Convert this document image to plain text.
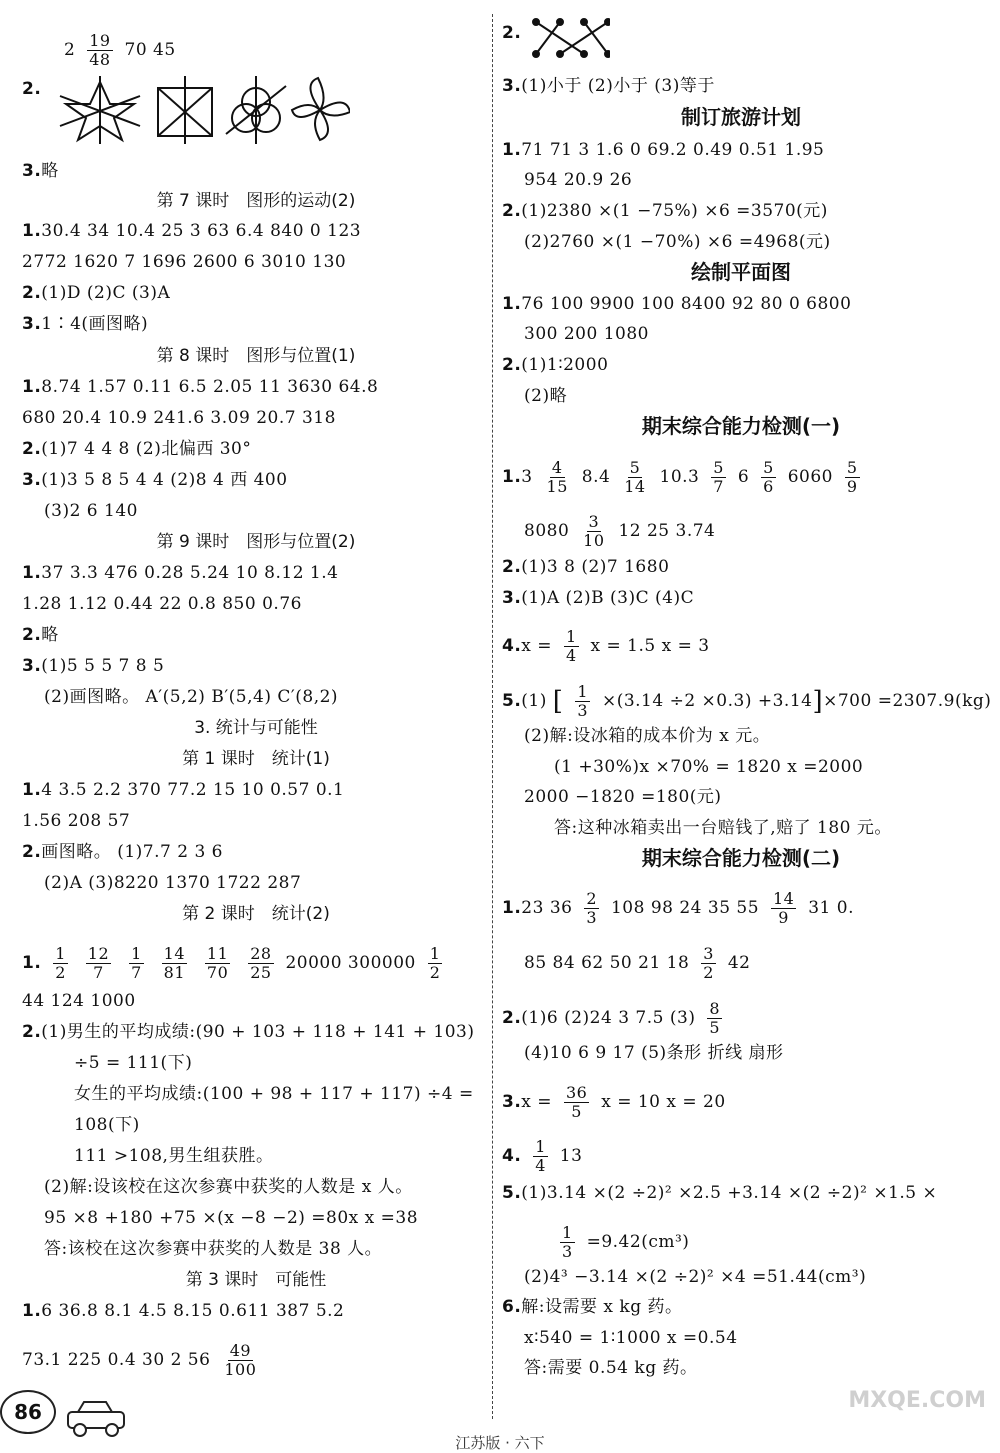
$2 \frac{19}{48} 70$ 45
2.
3.略
第 7 课时　图形的运动(2)
1.30.4 34 10.4 25 3 63 6.4 840 0 123
2772 1620 7 1696 2600 6 3010 130
2.(1)D (2)C (3)A
3.1∶4(画图略)
第 8 课时　图形与位置(1)
1.8.74 1.57 0.11 6.5 2.05 11 3630 64.8
680 20.4 10.9 241.6 3.09 20.7 318
2.(1)7 4 4 8 (2)北偏西 30°
3.(1)3 5 8 5 4 4 (2)8 4 西 400
(3)2 6 140
第 9 课时　图形与位置(2)
1.37 3.3 476 0.28 5.24 10 8.12 1.4
1.28 1.12 0.44 22 0.8 850 0.76
2.略
3.(1)5 5 5 7 8 5
(2)画图略。 A′(5,2) B′(5,4) C′(8,2)
3. 统计与可能性
第 1 课时　统计(1)
1.4 3.5 2.2 370 77.2 15 10 0.57 0.1
1.56 208 57
2.画图略。 (1)7.7 2 3 6
(2)A (3)8220 1370 1722 287
第 2 课时　统计(2)
1. $\frac{1}{2}$
$\frac{12}{7}$
$\frac{1}{7}$
$\frac{14}{81}$
$\frac{11}{70}$
$\frac{28}{25} 20000$ $300000 \frac{1}{2}$
44 124 1000
2.(1)男生的平均成绩:(90 + 103 + 118 + 141 + 103)
÷5 = 111(下)
女生的平均成绩:(100 + 98 + 117 + 117) ÷4 =
108(下)
111 >108,男生组获胜。
(2)解:设该校在这次参赛中获奖的人数是 x 人。
95 ×8 +180 +75 ×(x −8 −2) =80x x =38
答:该校在这次参赛中获奖的人数是 38 人。
第 3 课时　可能性
1.6 36.8 8.1 4.5 8.15 0.611 387 5.2
73.1 225 0.4 30 2 $56 \frac{49}{100}$
2.
3.(1)小于 (2)小于 (3)等于
制订旅游计划
1.71 71 3 1.6 0 69.2 0.49 0.51 1.95
954 20.9 26
2.(1)2380 ×(1 −75%) ×6 =3570(元)
(2)2760 ×(1 −70%) ×6 =4968(元)
绘制平面图
1.76 100 9900 100 8400 92 80 0 6800
300 200 1080
2.(1)1∶2000
(2)略
期末综合能力检测(一)
$1.3 \frac{4}{15} 8.4 \frac{5}{14} 10.3 \frac{5}{7} 6 \frac{5}{6} 6060 \frac{5}{9}$
$8080 \frac{3}{10} 12$ 25 3.74
2.(1)3 8 (2)7 1680
3.(1)A (2)B (3)C (4)C
$4.x = \frac{1}{4}$ x = 1.5 x = 3
5.(1) [ $\frac{1}{3} \times(3.14 \div 2 \times 0.3) +3.14]\times 700 =2307.9(kg)$
(2)解:设冰箱的成本价为 x 元。
(1 +30%)x ×70% = 1820 x =2000
2000 −1820 =180(元)
答:这种冰箱卖出一台赔钱了,赔了 180 元。
期末综合能力检测(二)
1.23 $36 \frac{2}{3} 108$ 98 24 35 $55 \frac{14}{9} 31$ 0.
85 84 62 50 21 $18 \frac{3}{2} 42$
2.(1)6 (2)24 3 7.5 $(3) \frac{8}{5}$
(4)10 6 9 17 (5)条形 折线 扇形
$3.x = \frac{36}{5}$ x = 10 x = 20
4. $\frac{1}{4} 13$
5.(1)3.14 ×(2 ÷2)² ×2.5 +3.14 ×(2 ÷2)² ×1.5 ×
$\frac{1}{3} =9.42(cm^3)$
(2)4³ −3.14 ×(2 ÷2)² ×4 =51.44(cm³)
6.解:设需要 x kg 药。
x∶540 = 1∶1000 x =0.54
答:需要 0.54 kg 药。
86
江苏版 · 六下
MXQE.COM
